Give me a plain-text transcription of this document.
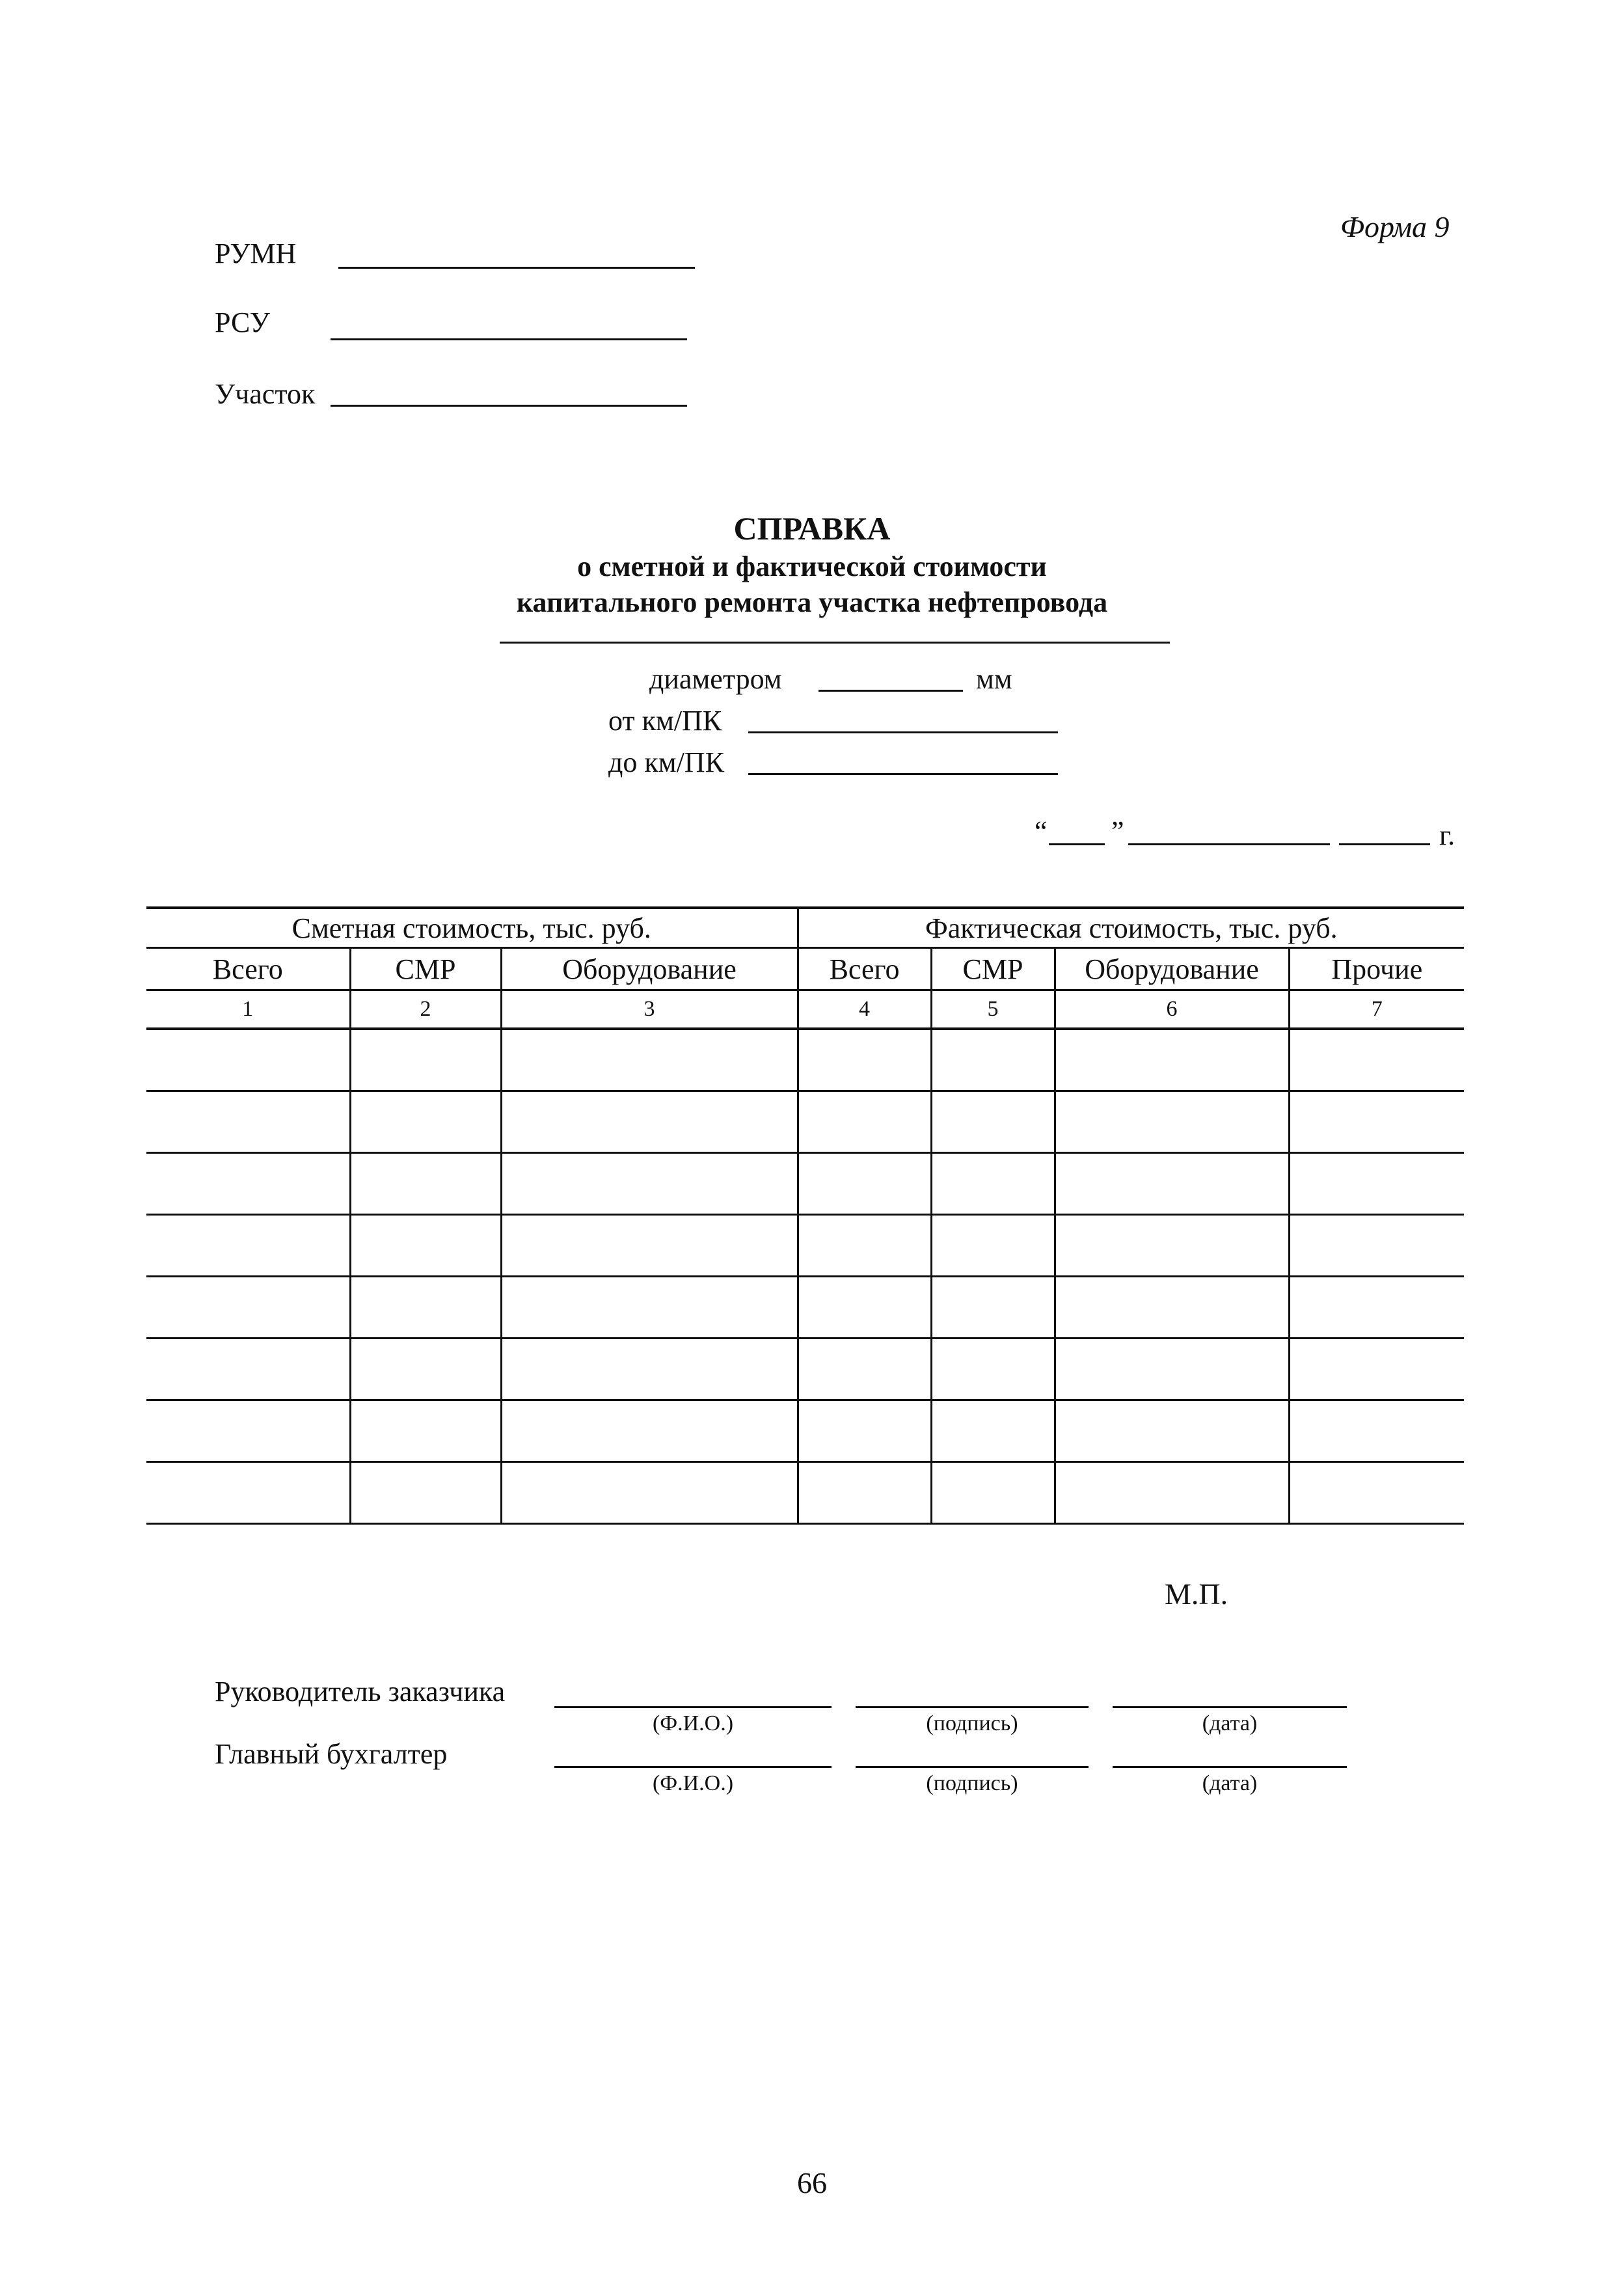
Форма 9
РУМН
РСУ
Участок
СПРАВКА
о сметной и фактической стоимости
капитального ремонта участка нефтепровода
диаметром	мм
от км/ПК
до км/ПК
“ ”	г.
Сметная стоимость, тыс. руб.			Фактическая стоимость, тыс. руб.			
Всего	СМР	Оборудование	Всего	СМР	Оборудование	Прочие
1	2	3	4	5	6	7

М.П.
Руководитель заказчика
(Ф.И.О.)	(подпись)	(дата)
Главный бухгалтер
(Ф.И.О.)	(подпись)	(дата)
66
